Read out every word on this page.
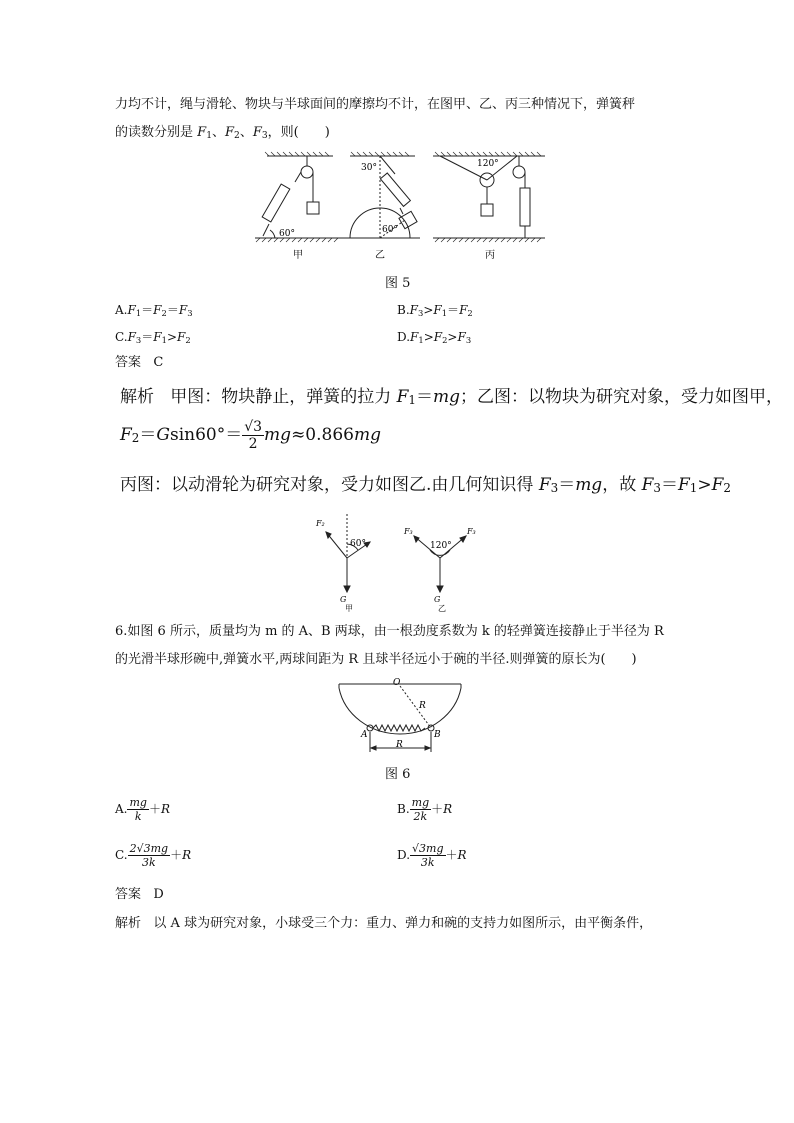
力均不计，绳与滑轮、物块与半球面间的摩擦均不计，在图甲、乙、丙三种情况下，弹簧秤
的读数分别是 $F_1$、$F_2$、$F_3$，则(　　)
60°
30°
60°
120°
甲	乙	丙
图 5
$A.F_1=F_2=F_3$	$B.F_3>F_1=F_2$
$C.F_3=F_1>F_2$	$D.F_1>F_2>F_3$
答案 C
解析 甲图：物块静止，弹簧的拉力 $F_1=mg$；乙图：以物块为研究对象，受力如图甲，
$F_2=Gsin60^\circ= \frac{√3}{2} mg\approx 0.866mg$
丙图：以动滑轮为研究对象，受力如图乙.由几何知识得 $F_3=mg$，故 $F_3=F_1>F_2$
F₂
60°
G
甲
F₃	F₃
120°
G
乙
6.如图 6 所示，质量均为 m 的 A、B 两球，由一根劲度系数为 k 的轻弹簧连接静止于半径为 R
的光滑半球形碗中,弹簧水平,两球间距为 R 且球半径远小于碗的半径.则弹簧的原长为(　　)
O
R
A	B
R
图 6
A. $\frac{mg}{k} +R$	B. $\frac{mg}{2k} +R$
C. $\frac{2√3mg}{3k} +R$	D. $\frac{√3mg}{3k} +R$
答案 D
解析 以 A 球为研究对象，小球受三个力：重力、弹力和碗的支持力如图所示，由平衡条件，
